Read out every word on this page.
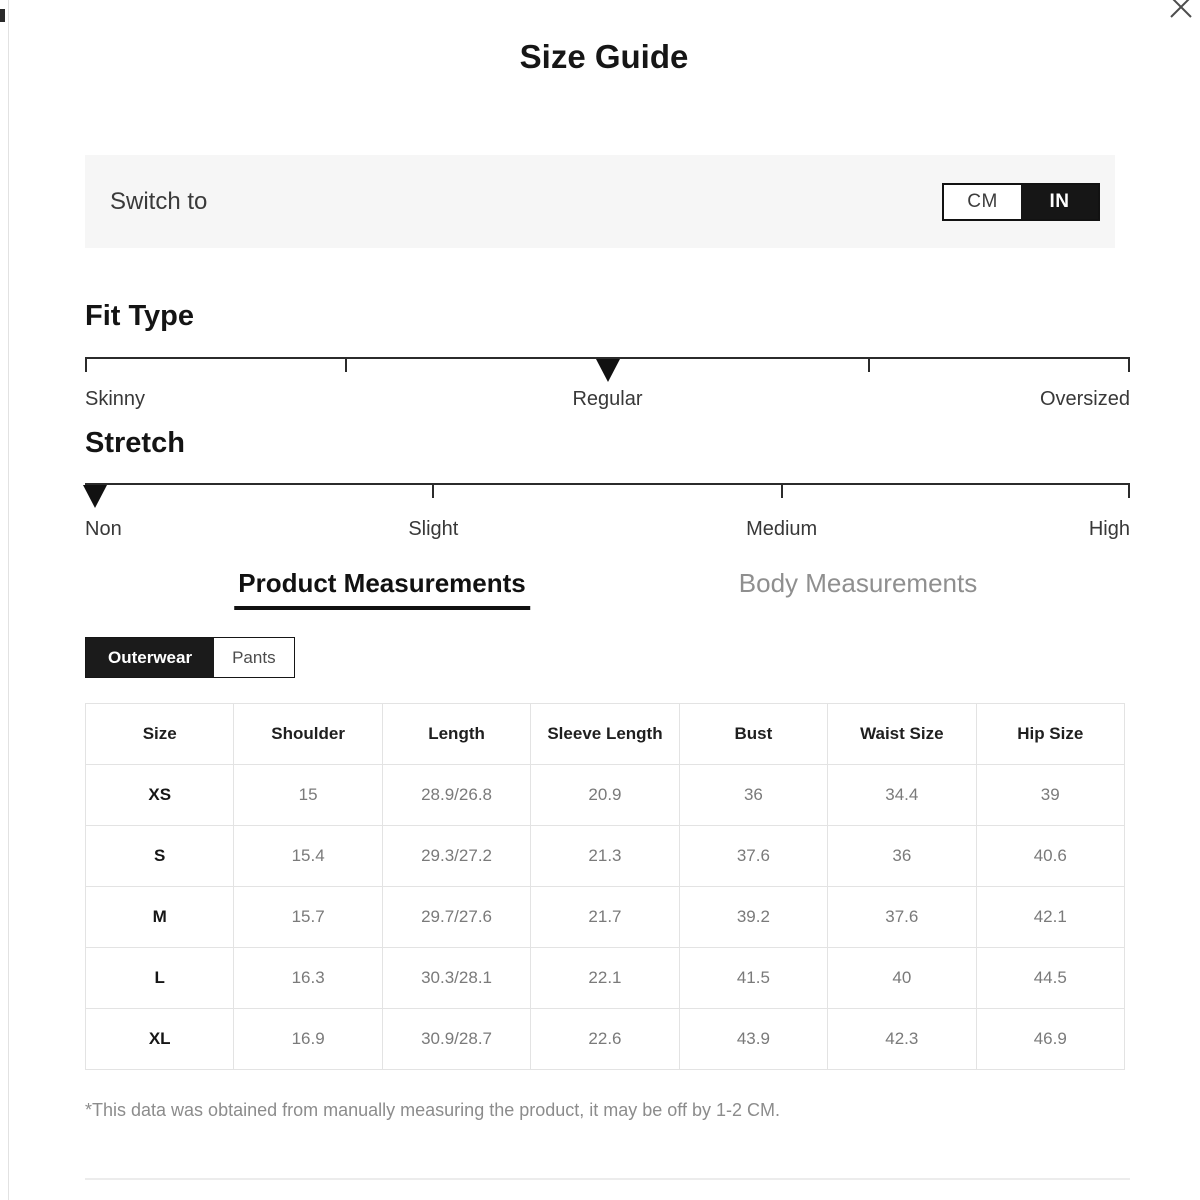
Size Guide
Switch to	CM	IN
Fit Type
Skinny	Regular	Oversized
Stretch
Non	Slight	Medium	High
Product Measurements	Body Measurements
Outerwear	Pants
Size	Shoulder	Length	Sleeve Length	Bust	Waist Size	Hip Size
XS	15	28.9/26.8	20.9	36	34.4	39
S	15.4	29.3/27.2	21.3	37.6	36	40.6
M	15.7	29.7/27.6	21.7	39.2	37.6	42.1
L	16.3	30.3/28.1	22.1	41.5	40	44.5
XL	16.9	30.9/28.7	22.6	43.9	42.3	46.9

*This data was obtained from manually measuring the product, it may be off by 1-2 CM.
